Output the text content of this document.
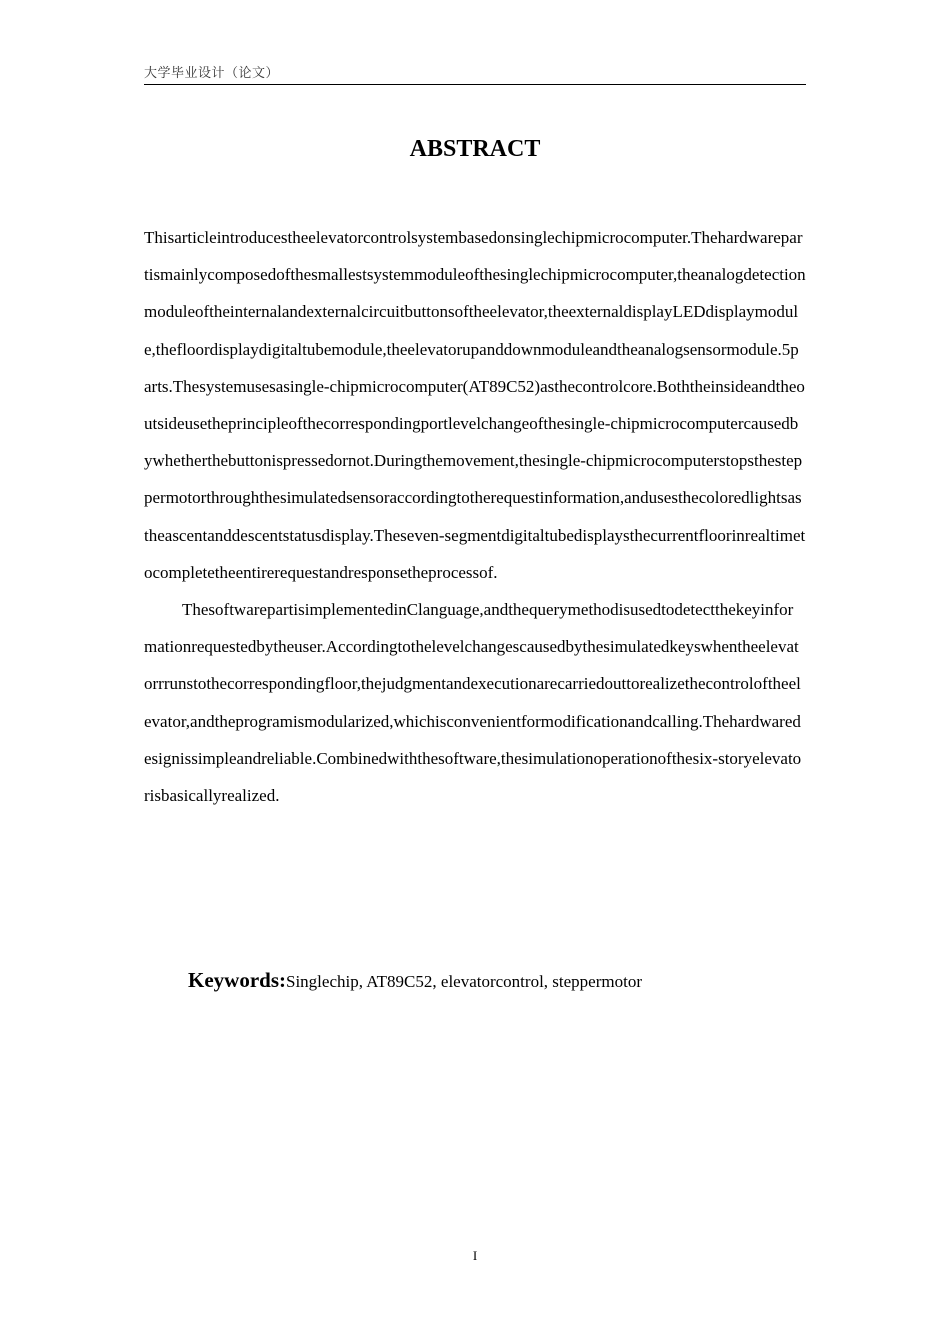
大学毕业设计（论文）
ABSTRACT

Thisarticleintroducestheelevatorcontrolsystembasedonsinglechipmicrocomputer.Thehardwarepartismainlycomposedofthesmallestsystemmoduleofthesinglechipmicrocomputer,theanalogdetectionmoduleoftheinternalandexternalcircuitbuttonsoftheelevator,theexternaldisplayLEDdisplaymodule,thefloordisplaydigitaltubemodule,theelevatorupanddownmoduleandtheanalogsensormodule.5parts.Thesystemusesasingle-chipmicrocomputer(AT89C52)asthecontrolcore.Boththeinsideandtheoutsideusetheprincipleofthecorrespondingportlevelchangeofthesingle-chipmicrocomputercausedbywhetherthebuttonispressedornot.Duringthemovement,thesingle-chipmicrocomputerstopsthesteppermotorthroughthesimulatedsensoraccordingtotherequestinformation,andusesthecoloredlightsastheascentanddescentstatusdisplay.Theseven-segmentdigitaltubedisplaysthecurrentfloorinrealtimetocompletetheentirerequestandresponsetheprocessof.

ThesoftwarepartisimplementedinClanguage,andthequerymethodisusedtodetectthekeyinformationrequestedbytheuser.Accordingtothelevelchangescausedbythesimulatedkeyswhentheelevatorrrunstothecorrespondingfloor,thejudgmentandexecutionarecarriedouttorealizethecontroloftheelevator,andtheprogramismodularized,whichisconvenientformodificationandcalling.Thehardwaredesignissimpleandreliable.Combinedwiththesoftware,thesimulationoperationofthesix-storyelevatorisbasicallyrealized.

Keywords:Singlechip, AT89C52, elevatorcontrol, steppermotor
I
